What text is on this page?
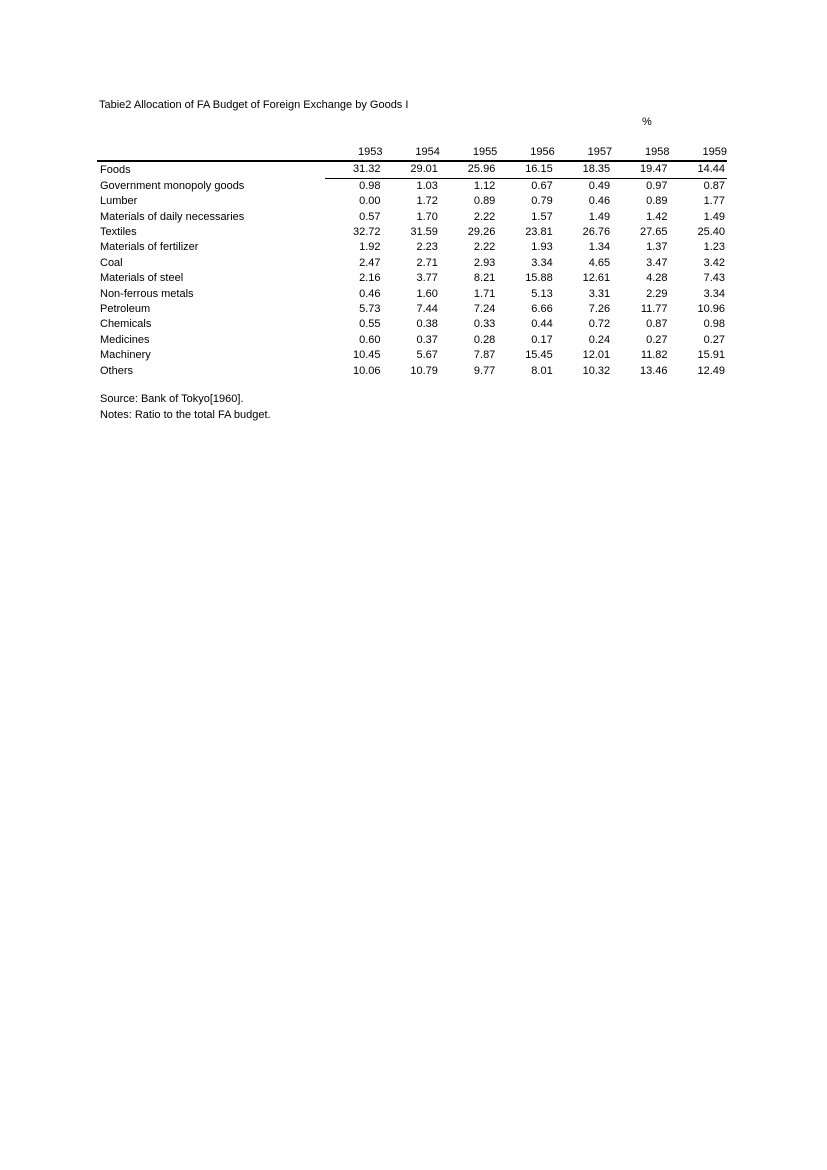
Tabie2 Allocation of FA Budget of Foreign Exchange by Goods I
%
	1953	1954	1955	1956	1957	1958	1959
Foods	31.32	29.01	25.96	16.15	18.35	19.47	14.44
Government monopoly goods	0.98	1.03	1.12	0.67	0.49	0.97	0.87
Lumber	0.00	1.72	0.89	0.79	0.46	0.89	1.77
Materials of daily necessaries	0.57	1.70	2.22	1.57	1.49	1.42	1.49
Textiles	32.72	31.59	29.26	23.81	26.76	27.65	25.40
Materials of fertilizer	1.92	2.23	2.22	1.93	1.34	1.37	1.23
Coal	2.47	2.71	2.93	3.34	4.65	3.47	3.42
Materials of steel	2.16	3.77	8.21	15.88	12.61	4.28	7.43
Non-ferrous metals	0.46	1.60	1.71	5.13	3.31	2.29	3.34
Petroleum	5.73	7.44	7.24	6.66	7.26	11.77	10.96
Chemicals	0.55	0.38	0.33	0.44	0.72	0.87	0.98
Medicines	0.60	0.37	0.28	0.17	0.24	0.27	0.27
Machinery	10.45	5.67	7.87	15.45	12.01	11.82	15.91
Others	10.06	10.79	9.77	8.01	10.32	13.46	12.49
Source: Bank of Tokyo[1960].
Notes: Ratio to the total FA budget.
